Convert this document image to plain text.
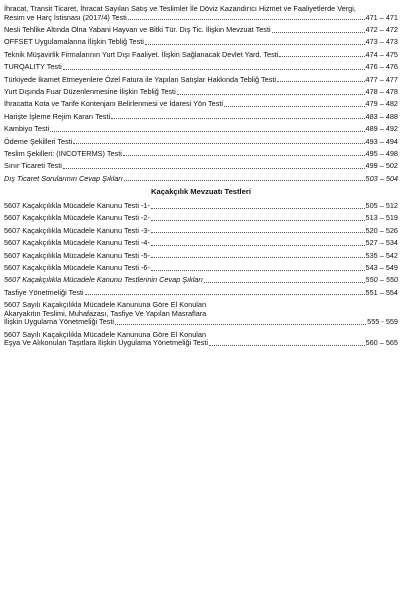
İhracat, Transit Ticaret, İhracat Sayılan Satış ve Teslimler İle Döviz Kazandırıcı Hizmet ve Faaliyetlerde Vergi,
Resim ve Harç İstisnası (2017/4) Testi	471 – 471
Nesli Tehlike Altında Olna Yabani Hayvan ve Bitki Tür. Dış Tic. İlişkin Mevzuat Testi	472 – 472
OFFSET Uygulamalarına İlişkin Tebliğ Testi	473 – 473
Teknik Müşavirlik Firmalarının Yurt Dışı Faaliyet. İlişkin Sağlanacak Devlet Yard. Testi	474 – 475
TURQALITY Testi	476 – 476
Türkiyede İkamet Etmeyenlere Özel Fatura ile Yapılan Satışlar Hakkında Tebliğ Testi	477 – 477
Yurt Dışında Fuar Düzenlenmesine İlişkin Tebliğ Testi	478 – 478
İhracatta Kota ve Tarife Kontenjanı Belirlenmesi ve İdaresi Yön Testi	479 – 482
Harişte İşleme Rejim Kararı Testi	483 – 488
Kambiyo Testi	489 – 492
Ödeme Şekilleri Testi	493 – 494
Teslim Şekilleri: (INCOTERMS) Testi	495 – 498
Sınır Ticareti Testi	499 – 502
Dış Ticaret Sorularının Cevap Şıkları	503 – 504
Kaçakçılık Mevzuatı Testleri
5607 Kaçakçılıkla Mücadele Kanunu Testi -1-	505 – 512
5607 Kaçakçılıkla Mücadele Kanunu Testi -2-	513 – 519
5607 Kaçakçılıkla Mücadele Kanunu Testi -3-	520 – 526
5607 Kaçakçılıkla Mücadele Kanunu Testi -4-	527 – 534
5607 Kaçakçılıkla Mücadele Kanunu Testi -5-	535 – 542
5607 Kaçakçılıkla Mücadele Kanunu Testi -6-	543 – 549
5607 Kaçakçılıkla Mücadele Kanunu Testlerinin Cevap Şıkları	550 – 550
Tasfiye Yönetmeliği Testi	551 – 554
5607 Sayılı Kaçakçılıkla Mücadele Kanununa Göre El Konulan
Akaryakıtın Teslimi, Muhafazası, Tasfiye Ve Yapılan Masraflara
İlişkin Uygulama Yönetmeliği Testi	555 - 559
5607 Sayılı Kaçakçılıkla Mücadele Kanununa Göre El Konulan
Eşya Ve Alıkonulan Taşıtlara İlişkin Uygulama Yönetmeliği Testi	560 – 565
